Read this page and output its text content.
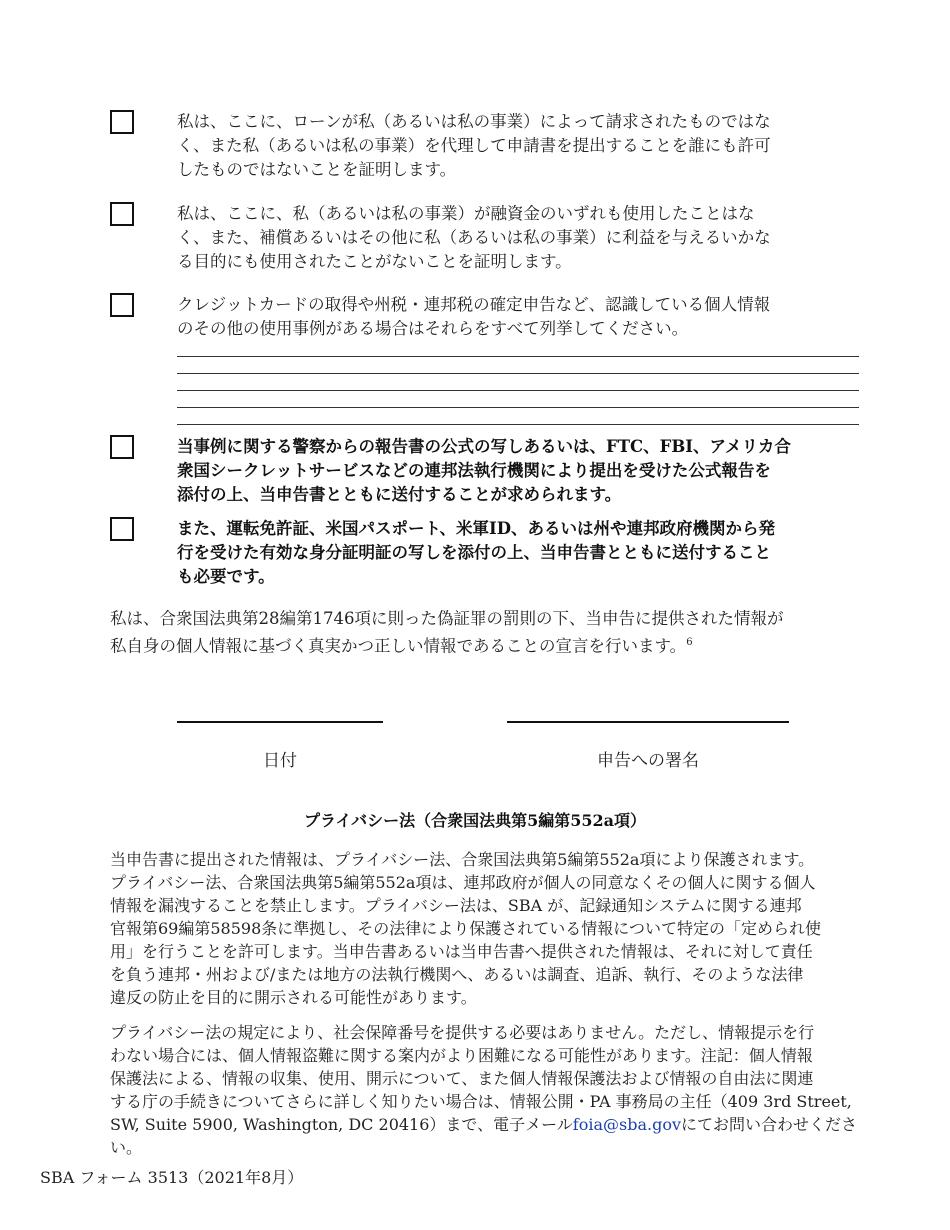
私は、ここに、ローンが私（あるいは私の事業）によって請求されたものではな
く、また私（あるいは私の事業）を代理して申請書を提出することを誰にも許可
したものではないことを証明します。
私は、ここに、私（あるいは私の事業）が融資金のいずれも使用したことはな
く、また、補償あるいはその他に私（あるいは私の事業）に利益を与えるいかな
る目的にも使用されたことがないことを証明します。
クレジットカードの取得や州税・連邦税の確定申告など、認識している個人情報
のその他の使用事例がある場合はそれらをすべて列挙してください。
当事例に関する警察からの報告書の公式の写しあるいは、FTC、FBI、アメリカ合
衆国シークレットサービスなどの連邦法執行機関により提出を受けた公式報告を
添付の上、当申告書とともに送付することが求められます。
また、運転免許証、米国パスポート、米軍ID、あるいは州や連邦政府機関から発
行を受けた有効な身分証明証の写しを添付の上、当申告書とともに送付すること
も必要です。
私は、合衆国法典第28編第1746項に則った偽証罪の罰則の下、当申告に提供された情報が
私自身の個人情報に基づく真実かつ正しい情報であることの宣言を行います。$^6$
日付	申告への署名
プライバシー法（合衆国法典第5編第552a項）
当申告書に提出された情報は、プライバシー法、合衆国法典第5編第552a項により保護されます。
プライバシー法、合衆国法典第5編第552a項は、連邦政府が個人の同意なくその個人に関する個人
情報を漏洩することを禁止します。プライバシー法は、SBA が、記録通知システムに関する連邦
官報第69編第58598条に準拠し、その法律により保護されている情報について特定の「定められ使
用」を行うことを許可します。当申告書あるいは当申告書へ提供された情報は、それに対して責任
を負う連邦・州および/または地方の法執行機関へ、あるいは調査、追訴、執行、そのような法律
違反の防止を目的に開示される可能性があります。
プライバシー法の規定により、社会保障番号を提供する必要はありません。ただし、情報提示を行
わない場合には、個人情報盗難に関する案内がより困難になる可能性があります。注記：個人情報
保護法による、情報の収集、使用、開示について、また個人情報保護法および情報の自由法に関連
する庁の手続きについてさらに詳しく知りたい場合は、情報公開・PA 事務局の主任（409 3rd Street,
SW, Suite 5900, Washington, DC 20416）まで、電子メールfoia@sba.govにてお問い合わせください。
SBA フォーム 3513（2021年8月）
